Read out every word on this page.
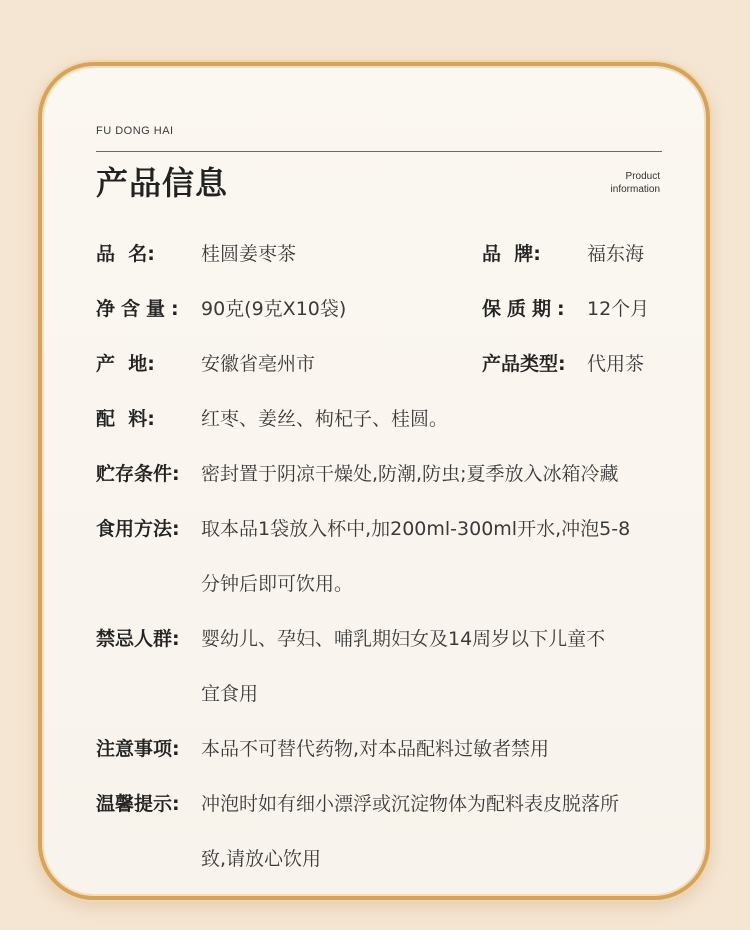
FU DONG HAI
产品信息	Product
information
品  名: 桂圆姜枣茶	品  牌: 福东海
净含量: 90克(9克X10袋)	保质期: 12个月
产  地: 安徽省亳州市	产品类型: 代用茶
配  料: 红枣、姜丝、枸杞子、桂圆。
贮存条件: 密封置于阴凉干燥处,防潮,防虫;夏季放入冰箱冷藏
食用方法: 取本品1袋放入杯中,加200ml-300ml开水,冲泡5-8
分钟后即可饮用。
禁忌人群: 婴幼儿、孕妇、哺乳期妇女及14周岁以下儿童不
宜食用
注意事项: 本品不可替代药物,对本品配料过敏者禁用
温馨提示: 冲泡时如有细小漂浮或沉淀物体为配料表皮脱落所
致,请放心饮用
